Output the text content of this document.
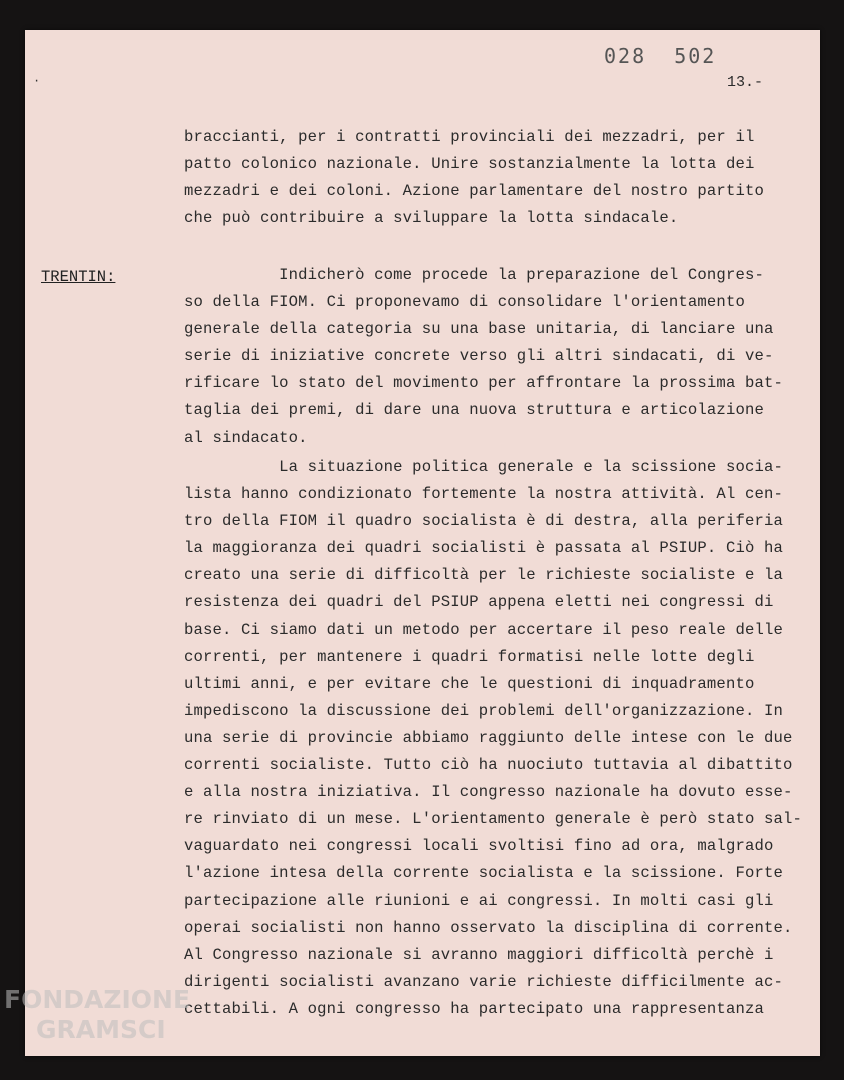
·
028  502
13.-
braccianti, per i contratti provinciali dei mezzadri, per il
patto colonico nazionale. Unire sostanzialmente la lotta dei
mezzadri e dei coloni. Azione parlamentare del nostro partito
che può contribuire a sviluppare la lotta sindacale.
TRENTIN:	Indicherò come procede la preparazione del Congres-
so della FIOM. Ci proponevamo di consolidare l'orientamento
generale della categoria su una base unitaria, di lanciare una
serie di iniziative concrete verso gli altri sindacati, di ve-
rificare lo stato del movimento per affrontare la prossima bat-
taglia dei premi, di dare una nuova struttura e articolazione
al sindacato.
La situazione politica generale e la scissione socia-
lista hanno condizionato fortemente la nostra attività. Al cen-
tro della FIOM il quadro socialista è di destra, alla periferia
la maggioranza dei quadri socialisti è passata al PSIUP. Ciò ha
creato una serie di difficoltà per le richieste socialiste e la
resistenza dei quadri del PSIUP appena eletti nei congressi di
base. Ci siamo dati un metodo per accertare il peso reale delle
correnti, per mantenere i quadri formatisi nelle lotte degli
ultimi anni, e per evitare che le questioni di inquadramento
impediscono la discussione dei problemi dell'organizzazione. In
una serie di provincie abbiamo raggiunto delle intese con le due
correnti socialiste. Tutto ciò ha nuociuto tuttavia al dibattito
e alla nostra iniziativa. Il congresso nazionale ha dovuto esse-
re rinviato di un mese. L'orientamento generale è però stato sal-
vaguardato nei congressi locali svoltisi fino ad ora, malgrado
l'azione intesa della corrente socialista e la scissione. Forte
partecipazione alle riunioni e ai congressi. In molti casi gli
operai socialisti non hanno osservato la disciplina di corrente.
Al Congresso nazionale si avranno maggiori difficoltà perchè i
dirigenti socialisti avanzano varie richieste difficilmente ac-
cettabili. A ogni congresso ha partecipato una rappresentanza
FONDAZIONE
GRAMSCI
